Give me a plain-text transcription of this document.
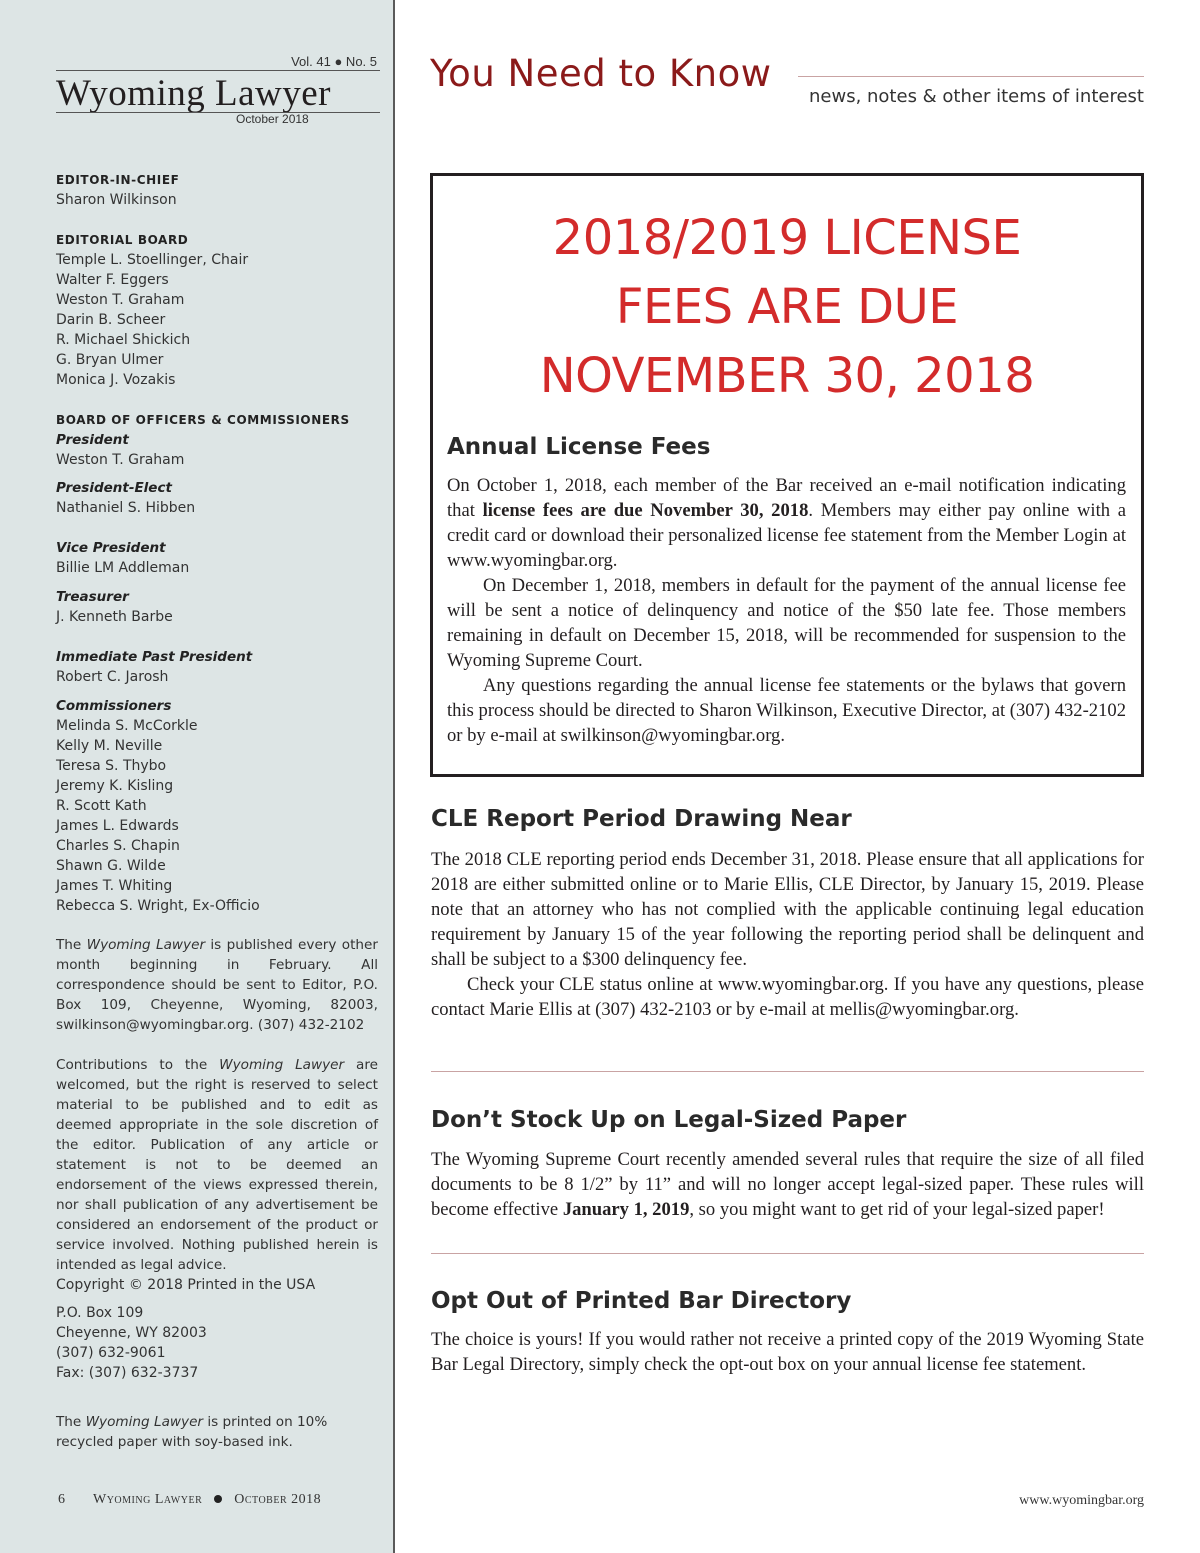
Vol. 41 ● No. 5
Wyoming Lawyer
October 2018
EDITOR-IN-CHIEF
Sharon Wilkinson
EDITORIAL BOARD
Temple L. Stoellinger, Chair
Walter F. Eggers
Weston T. Graham
Darin B. Scheer
R. Michael Shickich
G. Bryan Ulmer
Monica J. Vozakis
BOARD OF OFFICERS & COMMISSIONERS
President
Weston T. Graham
President-Elect
Nathaniel S. Hibben
Vice President
Billie LM Addleman
Treasurer
J. Kenneth Barbe
Immediate Past President
Robert C. Jarosh
Commissioners
Melinda S. McCorkle
Kelly M. Neville
Teresa S. Thybo
Jeremy K. Kisling
R. Scott Kath
James L. Edwards
Charles S. Chapin
Shawn G. Wilde
James T. Whiting
Rebecca S. Wright, Ex-Officio
The Wyoming Lawyer is published every other month beginning in February. All correspondence should be sent to Editor, P.O. Box 109, Cheyenne, Wyoming, 82003, swilkinson@wyomingbar.org. (307) 432-2102
Contributions to the Wyoming Lawyer are welcomed, but the right is reserved to select material to be published and to edit as deemed appropriate in the sole discretion of the editor. Publication of any article or statement is not to be deemed an endorsement of the views expressed therein, nor shall publication of any advertisement be considered an endorsement of the product or service involved. Nothing published herein is intended as legal advice.
Copyright © 2018 Printed in the USA
P.O. Box 109
Cheyenne, WY 82003
(307) 632-9061
Fax: (307) 632-3737
The Wyoming Lawyer is printed on 10% recycled paper with soy-based ink.
6 Wyoming Lawyer October 2018
You Need to Know
news, notes & other items of interest
2018/2019 LICENSE
FEES ARE DUE
NOVEMBER 30, 2018
Annual License Fees

On October 1, 2018, each member of the Bar received an e-mail notification indicating that license fees are due November 30, 2018. Members may either pay online with a credit card or download their personalized license fee statement from the Member Login at www.wyomingbar.org.

On December 1, 2018, members in default for the payment of the annual license fee will be sent a notice of delinquency and notice of the $50 late fee. Those members remaining in default on December 15, 2018, will be recommended for suspension to the Wyoming Supreme Court.

Any questions regarding the annual license fee statements or the bylaws that govern this process should be directed to Sharon Wilkinson, Executive Director, at (307) 432-2102 or by e-mail at swilkinson@wyomingbar.org.

CLE Report Period Drawing Near

The 2018 CLE reporting period ends December 31, 2018. Please ensure that all applications for 2018 are either submitted online or to Marie Ellis, CLE Director, by January 15, 2019. Please note that an attorney who has not complied with the applicable continuing legal education requirement by January 15 of the year following the reporting period shall be delinquent and shall be subject to a $300 delinquency fee.

Check your CLE status online at www.wyomingbar.org. If you have any questions, please contact Marie Ellis at (307) 432-2103 or by e-mail at mellis@wyomingbar.org.

Don’t Stock Up on Legal-Sized Paper

The Wyoming Supreme Court recently amended several rules that require the size of all filed documents to be 8 1/2” by 11” and will no longer accept legal-sized paper. These rules will become effective January 1, 2019, so you might want to get rid of your legal-sized paper!

Opt Out of Printed Bar Directory

The choice is yours! If you would rather not receive a printed copy of the 2019 Wyoming State Bar Legal Directory, simply check the opt-out box on your annual license fee statement.

www.wyomingbar.org
